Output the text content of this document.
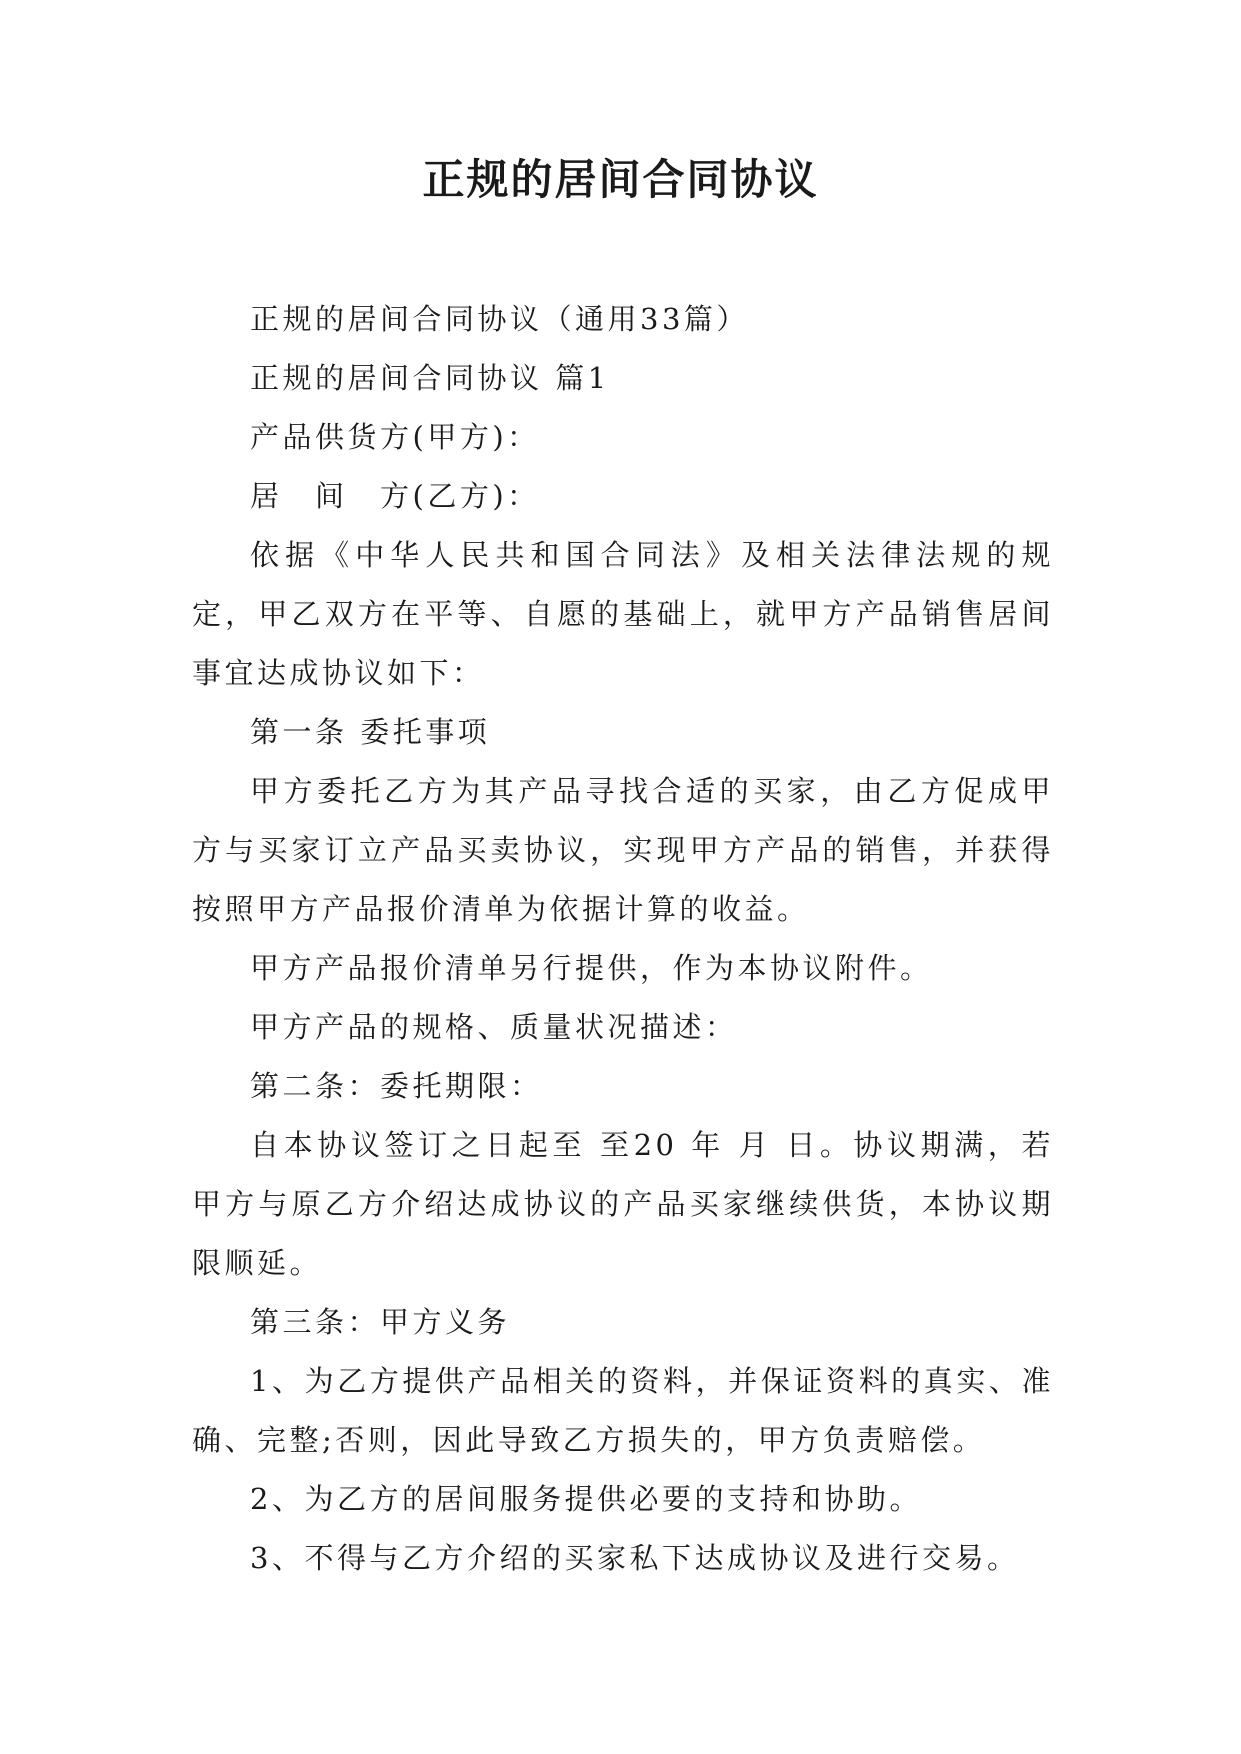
正规的居间合同协议

正规的居间合同协议（通用33篇）

正规的居间合同协议 篇1

产品供货方(甲方)：

居　间　方(乙方)：

依据《中华人民共和国合同法》及相关法律法规的规定，甲乙双方在平等、自愿的基础上，就甲方产品销售居间事宜达成协议如下：

第一条 委托事项

甲方委托乙方为其产品寻找合适的买家，由乙方促成甲方与买家订立产品买卖协议，实现甲方产品的销售，并获得按照甲方产品报价清单为依据计算的收益。

甲方产品报价清单另行提供，作为本协议附件。

甲方产品的规格、质量状况描述：

第二条：委托期限：

自本协议签订之日起至 至20 年 月 日。协议期满，若甲方与原乙方介绍达成协议的产品买家继续供货，本协议期限顺延。

第三条：甲方义务

1、为乙方提供产品相关的资料，并保证资料的真实、准确、完整;否则，因此导致乙方损失的，甲方负责赔偿。

2、为乙方的居间服务提供必要的支持和协助。

3、不得与乙方介绍的买家私下达成协议及进行交易。
